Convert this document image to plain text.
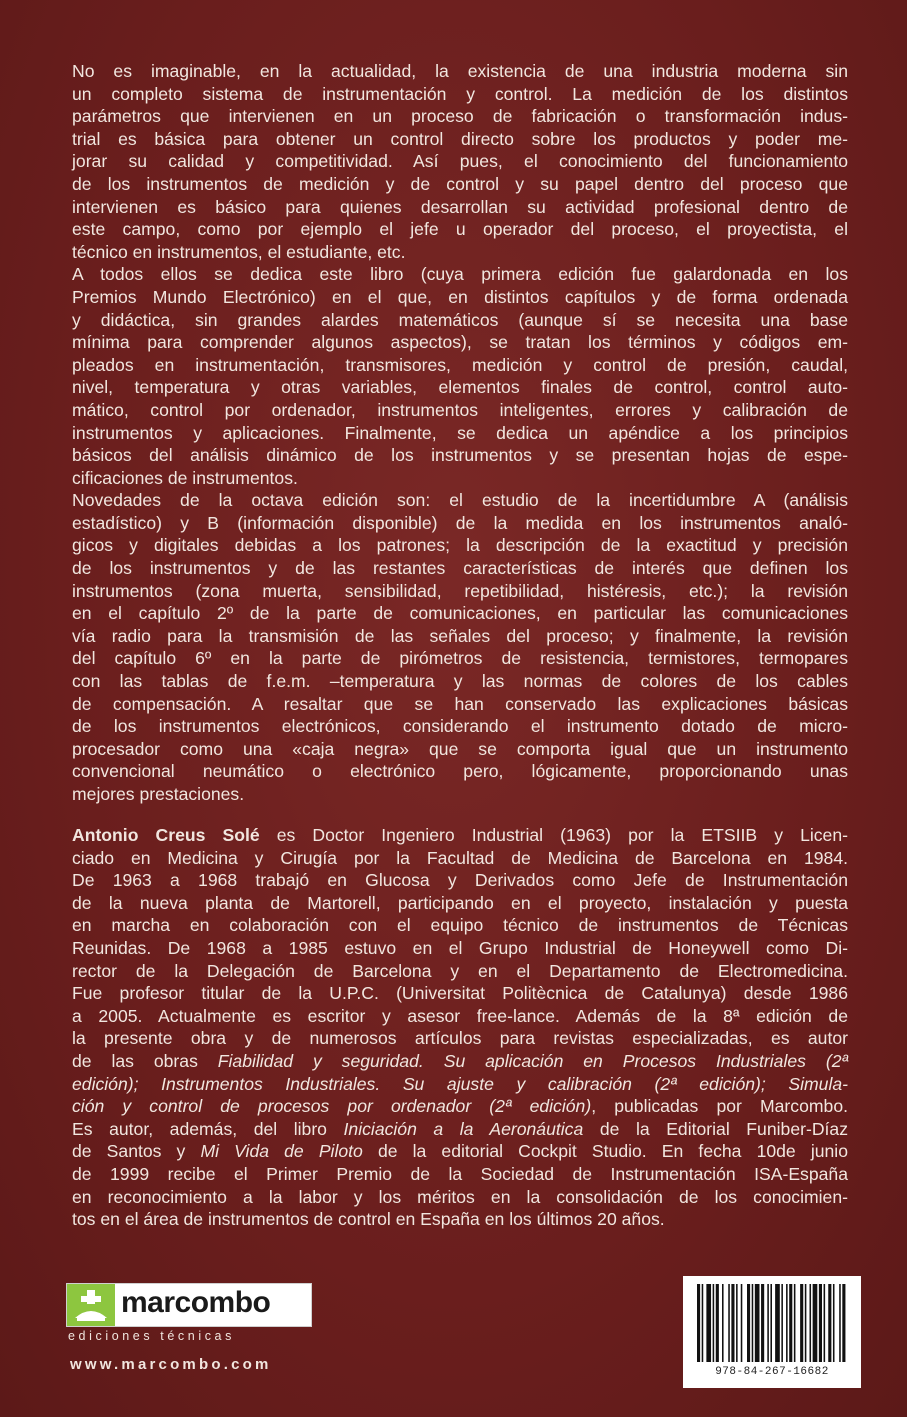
No es imaginable, en la actualidad, la existencia de una industria moderna sin
un completo sistema de instrumentación y control. La medición de los distintos
parámetros que intervienen en un proceso de fabricación o transformación indus-
trial es básica para obtener un control directo sobre los productos y poder me-
jorar su calidad y competitividad. Así pues, el conocimiento del funcionamiento
de los instrumentos de medición y de control y su papel dentro del proceso que
intervienen es básico para quienes desarrollan su actividad profesional dentro de
este campo, como por ejemplo el jefe u operador del proceso, el proyectista, el
técnico en instrumentos, el estudiante, etc.

A todos ellos se dedica este libro (cuya primera edición fue galardonada en los
Premios Mundo Electrónico) en el que, en distintos capítulos y de forma ordenada
y didáctica, sin grandes alardes matemáticos (aunque sí se necesita una base
mínima para comprender algunos aspectos), se tratan los términos y códigos em-
pleados en instrumentación, transmisores, medición y control de presión, caudal,
nivel, temperatura y otras variables, elementos finales de control, control auto-
mático, control por ordenador, instrumentos inteligentes, errores y calibración de
instrumentos y aplicaciones. Finalmente, se dedica un apéndice a los principios
básicos del análisis dinámico de los instrumentos y se presentan hojas de espe-
cificaciones de instrumentos.

Novedades de la octava edición son: el estudio de la incertidumbre A (análisis
estadístico) y B (información disponible) de la medida en los instrumentos analó-
gicos y digitales debidas a los patrones; la descripción de la exactitud y precisión
de los instrumentos y de las restantes características de interés que definen los
instrumentos (zona muerta, sensibilidad, repetibilidad, histéresis, etc.); la revisión
en el capítulo 2º de la parte de comunicaciones, en particular las comunicaciones
vía radio para la transmisión de las señales del proceso; y finalmente, la revisión
del capítulo 6º en la parte de pirómetros de resistencia, termistores, termopares
con las tablas de f.e.m. –temperatura y las normas de colores de los cables
de compensación. A resaltar que se han conservado las explicaciones básicas
de los instrumentos electrónicos, considerando el instrumento dotado de micro-
procesador como una «caja negra» que se comporta igual que un instrumento
convencional neumático o electrónico pero, lógicamente, proporcionando unas
mejores prestaciones.

Antonio Creus Solé es Doctor Ingeniero Industrial (1963) por la ETSIIB y Licen-
ciado en Medicina y Cirugía por la Facultad de Medicina de Barcelona en 1984.
De 1963 a 1968 trabajó en Glucosa y Derivados como Jefe de Instrumentación
de la nueva planta de Martorell, participando en el proyecto, instalación y puesta
en marcha en colaboración con el equipo técnico de instrumentos de Técnicas
Reunidas. De 1968 a 1985 estuvo en el Grupo Industrial de Honeywell como Di-
rector de la Delegación de Barcelona y en el Departamento de Electromedicina.
Fue profesor titular de la U.P.C. (Universitat Politècnica de Catalunya) desde 1986
a 2005. Actualmente es escritor y asesor free-lance. Además de la 8ª edición de
la presente obra y de numerosos artículos para revistas especializadas, es autor
de las obras Fiabilidad y seguridad. Su aplicación en Procesos Industriales (2ª
edición); Instrumentos Industriales. Su ajuste y calibración (2ª edición); Simula-
ción y control de procesos por ordenador (2ª edición), publicadas por Marcombo.
Es autor, además, del libro Iniciación a la Aeronáutica de la Editorial Funiber-Díaz
de Santos y Mi Vida de Piloto de la editorial Cockpit Studio. En fecha 10de junio
de 1999 recibe el Primer Premio de la Sociedad de Instrumentación ISA-España
en reconocimiento a la labor y los méritos en la consolidación de los conocimien-
tos en el área de instrumentos de control en España en los últimos 20 años.

marcombo
ediciones técnicas
www.marcombo.com	978-84-267-16682
